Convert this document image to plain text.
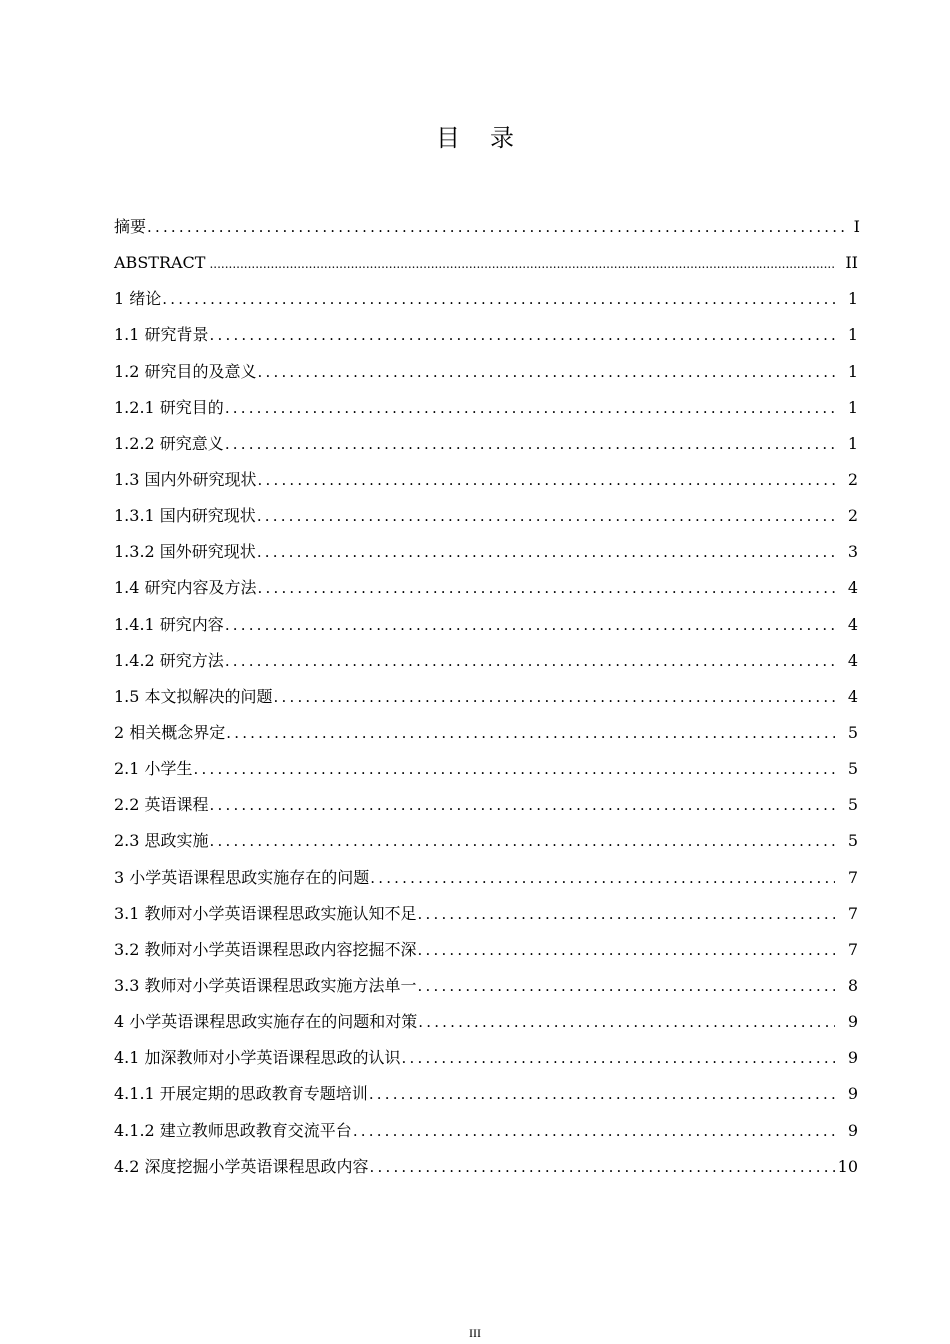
目录
摘要 .....	I
ABSTRACT .....	II
1 绪论 .....	1
1.1 研究背景 .....	1
1.2 研究目的及意义 .....	1
1.2.1 研究目的 .....	1
1.2.2 研究意义 .....	1
1.3 国内外研究现状 .....	2
1.3.1 国内研究现状 .....	2
1.3.2 国外研究现状 .....	3
1.4 研究内容及方法 .....	4
1.4.1 研究内容 .....	4
1.4.2 研究方法 .....	4
1.5 本文拟解决的问题 .....	4
2 相关概念界定 .....	5
2.1 小学生 .....	5
2.2 英语课程 .....	5
2.3 思政实施 .....	5
3 小学英语课程思政实施存在的问题 .....	7
3.1 教师对小学英语课程思政实施认知不足 .....	7
3.2 教师对小学英语课程思政内容挖掘不深 .....	7
3.3 教师对小学英语课程思政实施方法单一 .....	8
4 小学英语课程思政实施存在的问题和对策 .....	9
4.1 加深教师对小学英语课程思政的认识 .....	9
4.1.1 开展定期的思政教育专题培训 .....	9
4.1.2 建立教师思政教育交流平台 .....	9
4.2 深度挖掘小学英语课程思政内容 .....	10
III
